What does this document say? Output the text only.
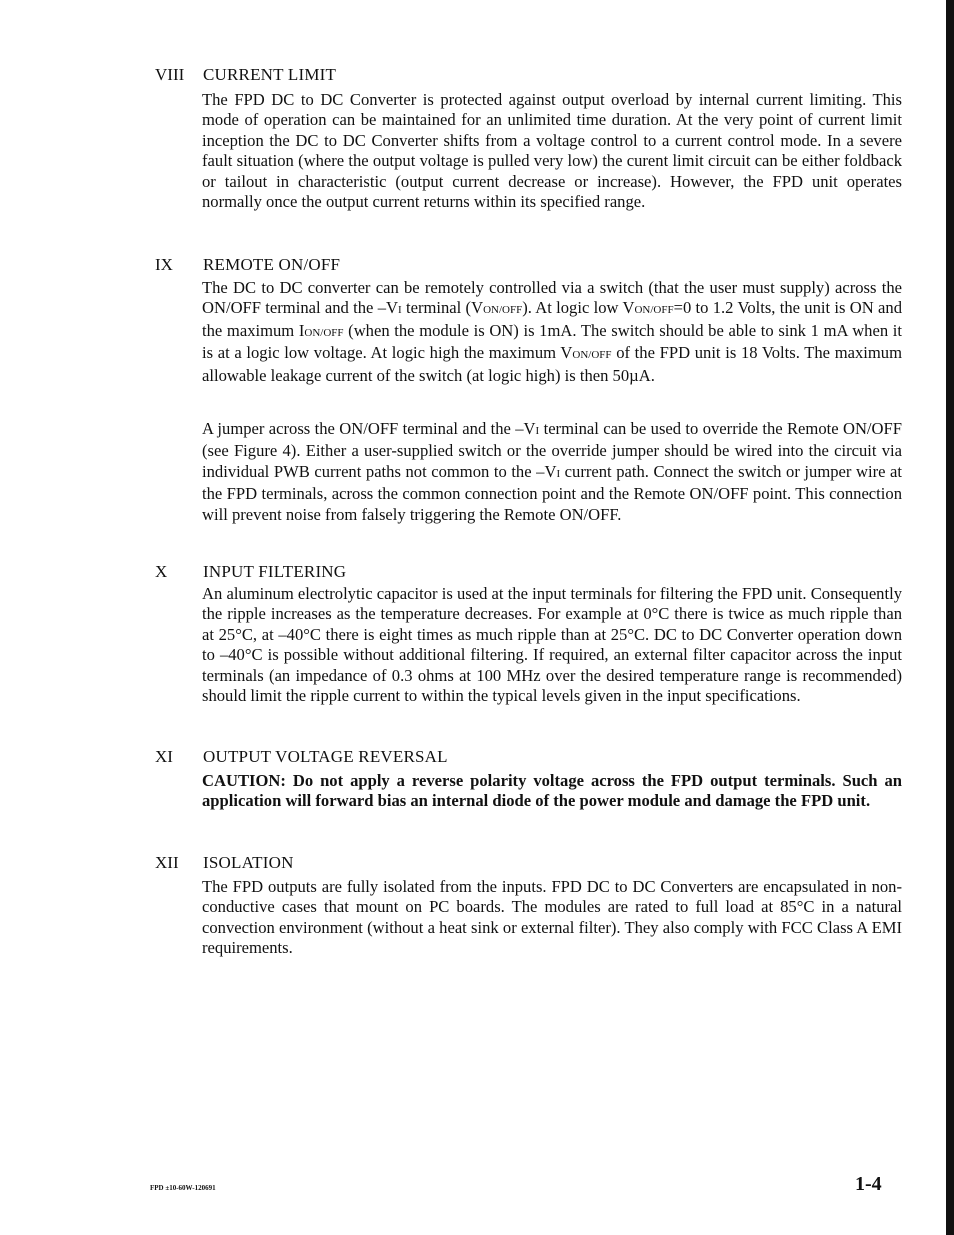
VIII CURRENT LIMIT

The FPD DC to DC Converter is protected against output overload by internal current limiting. This mode of operation can be maintained for an unlimited time duration. At the very point of current limit inception the DC to DC Converter shifts from a voltage control to a current control mode. In a severe fault situation (where the output voltage is pulled very low) the curent limit circuit can be either foldback or tailout in characteristic (output current decrease or increase). However, the FPD unit operates normally once the output current returns within its specified range.

IX REMOTE ON/OFF

The DC to DC converter can be remotely controlled via a switch (that the user must supply) across the ON/OFF terminal and the –VI terminal (VON/OFF). At logic low VON/OFF=0 to 1.2 Volts, the unit is ON and the maximum ION/OFF (when the module is ON) is 1mA. The switch should be able to sink 1 mA when it is at a logic low voltage. At logic high the maximum VON/OFF of the FPD unit is 18 Volts. The maximum allowable leakage current of the switch (at logic high) is then 50µA.

A jumper across the ON/OFF terminal and the –VI terminal can be used to override the Remote ON/OFF (see Figure 4). Either a user-supplied switch or the override jumper should be wired into the circuit via individual PWB current paths not common to the –VI current path. Connect the switch or jumper wire at the FPD terminals, across the common connection point and the Remote ON/OFF point. This connection will prevent noise from falsely triggering the Remote ON/OFF.

X INPUT FILTERING

An aluminum electrolytic capacitor is used at the input terminals for filtering the FPD unit. Consequently the ripple increases as the temperature decreases. For example at 0°C there is twice as much ripple than at 25°C, at –40°C there is eight times as much ripple than at 25°C. DC to DC Converter operation down to –40°C is possible without additional filtering. If required, an external filter capacitor across the input terminals (an impedance of 0.3 ohms at 100 MHz over the desired temperature range is recommended) should limit the ripple current to within the typical levels given in the input specifications.

XI OUTPUT VOLTAGE REVERSAL

CAUTION: Do not apply a reverse polarity voltage across the FPD output terminals. Such an application will forward bias an internal diode of the power module and damage the FPD unit.

XII ISOLATION

The FPD outputs are fully isolated from the inputs. FPD DC to DC Converters are encapsulated in non-conductive cases that mount on PC boards. The modules are rated to full load at 85°C in a natural convection environment (without a heat sink or external filter). They also comply with FCC Class A EMI requirements.

FPD ±10-60W-120691	1-4
